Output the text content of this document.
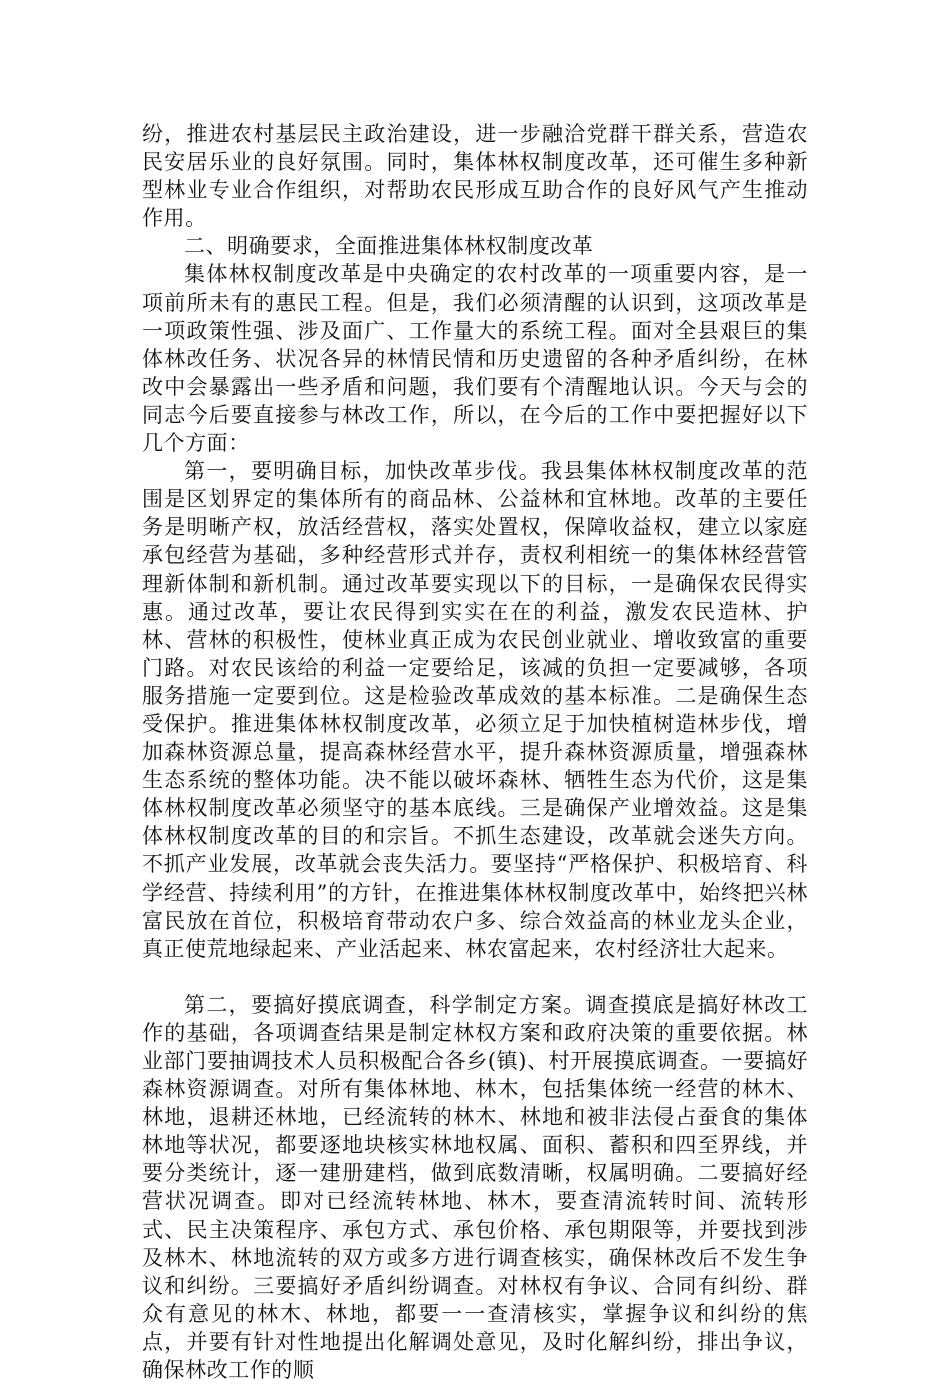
纷，推进农村基层民主政治建设，进一步融洽党群干群关系，营造农民安居乐业的良好氛围。同时，集体林权制度改革，还可催生多种新型林业专业合作组织，对帮助农民形成互助合作的良好风气产生推动作用。

二、明确要求，全面推进集体林权制度改革

集体林权制度改革是中央确定的农村改革的一项重要内容，是一项前所未有的惠民工程。但是，我们必须清醒的认识到，这项改革是一项政策性强、涉及面广、工作量大的系统工程。面对全县艰巨的集体林改任务、状况各异的林情民情和历史遗留的各种矛盾纠纷，在林改中会暴露出一些矛盾和问题，我们要有个清醒地认识。今天与会的同志今后要直接参与林改工作，所以，在今后的工作中要把握好以下几个方面：

第一，要明确目标，加快改革步伐。我县集体林权制度改革的范围是区划界定的集体所有的商品林、公益林和宜林地。改革的主要任务是明晰产权，放活经营权，落实处置权，保障收益权，建立以家庭承包经营为基础，多种经营形式并存，责权利相统一的集体林经营管理新体制和新机制。通过改革要实现以下的目标，一是确保农民得实惠。通过改革，要让农民得到实实在在的利益，激发农民造林、护林、营林的积极性，使林业真正成为农民创业就业、增收致富的重要门路。对农民该给的利益一定要给足，该减的负担一定要减够，各项服务措施一定要到位。这是检验改革成效的基本标准。二是确保生态受保护。推进集体林权制度改革，必须立足于加快植树造林步伐，增加森林资源总量，提高森林经营水平，提升森林资源质量，增强森林生态系统的整体功能。决不能以破坏森林、牺牲生态为代价，这是集体林权制度改革必须坚守的基本底线。三是确保产业增效益。这是集体林权制度改革的目的和宗旨。不抓生态建设，改革就会迷失方向。不抓产业发展，改革就会丧失活力。要坚持“严格保护、积极培育、科学经营、持续利用”的方针，在推进集体林权制度改革中，始终把兴林富民放在首位，积极培育带动农户多、综合效益高的林业龙头企业，真正使荒地绿起来、产业活起来、林农富起来，农村经济壮大起来。

第二，要搞好摸底调查，科学制定方案。调查摸底是搞好林改工作的基础，各项调查结果是制定林权方案和政府决策的重要依据。林业部门要抽调技术人员积极配合各乡(镇)、村开展摸底调查。一要搞好森林资源调查。对所有集体林地、林木，包括集体统一经营的林木、林地，退耕还林地，已经流转的林木、林地和被非法侵占蚕食的集体林地等状况，都要逐地块核实林地权属、面积、蓄积和四至界线，并要分类统计，逐一建册建档，做到底数清晰，权属明确。二要搞好经营状况调查。即对已经流转林地、林木，要查清流转时间、流转形式、民主决策程序、承包方式、承包价格、承包期限等，并要找到涉及林木、林地流转的双方或多方进行调查核实，确保林改后不发生争议和纠纷。三要搞好矛盾纠纷调查。对林权有争议、合同有纠纷、群众有意见的林木、林地，都要一一查清核实，掌握争议和纠纷的焦点，并要有针对性地提出化解调处意见，及时化解纠纷，排出争议，确保林改工作的顺
